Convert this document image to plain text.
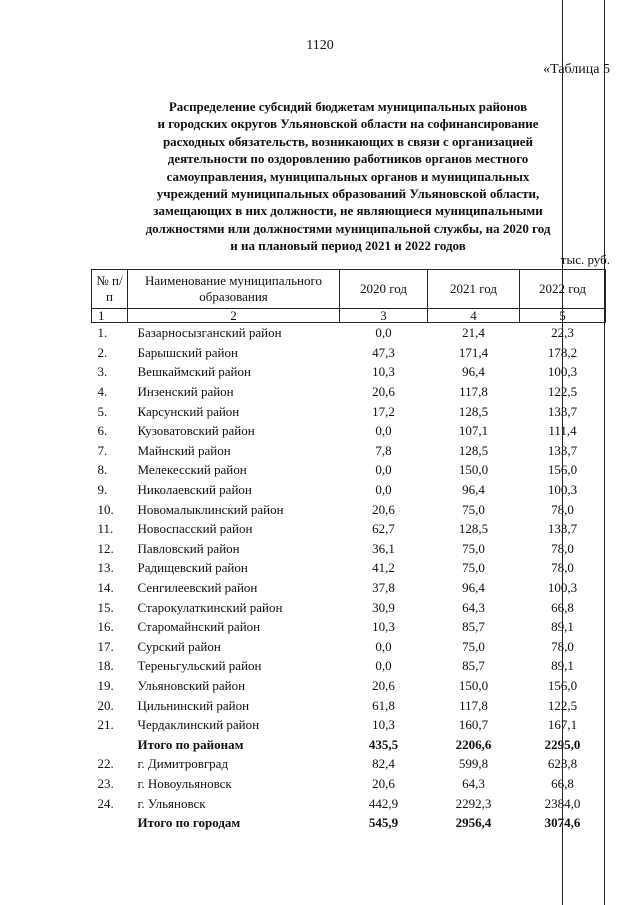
1120
«Таблица 5
Распределение субсидий бюджетам муниципальных районов
и городских округов Ульяновской области на софинансирование
расходных обязательств, возникающих в связи с организацией
деятельности по оздоровлению работников органов местного
самоуправления, муниципальных органов и муниципальных
учреждений муниципальных образований Ульяновской области,
замещающих в них должности, не являющиеся муниципальными
должностями или должностями муниципальной службы, на 2020 год
и на плановый период 2021 и 2022 годов
тыс. руб.
№ п/п	Наименование муниципального образования	2020 год	2021 год	2022 год
1	2	3	4	5
1.	Базарносызганский район	0,0	21,4	22,3
2.	Барышский район	47,3	171,4	178,2
3.	Вешкаймский район	10,3	96,4	100,3
4.	Инзенский район	20,6	117,8	122,5
5.	Карсунский район	17,2	128,5	133,7
6.	Кузоватовский район	0,0	107,1	111,4
7.	Майнский район	7,8	128,5	133,7
8.	Мелекесский район	0,0	150,0	156,0
9.	Николаевский район	0,0	96,4	100,3
10.	Новомалыклинский район	20,6	75,0	78,0
11.	Новоспасский район	62,7	128,5	133,7
12.	Павловский район	36,1	75,0	78,0
13.	Радищевский район	41,2	75,0	78,0
14.	Сенгилеевский район	37,8	96,4	100,3
15.	Старокулаткинский район	30,9	64,3	66,8
16.	Старомайнский район	10,3	85,7	89,1
17.	Сурский район	0,0	75,0	78,0
18.	Тереньгульский район	0,0	85,7	89,1
19.	Ульяновский район	20,6	150,0	156,0
20.	Цильнинский район	61,8	117,8	122,5
21.	Чердаклинский район	10,3	160,7	167,1
	Итого по районам	435,5	2206,6	2295,0
22.	г. Димитровград	82,4	599,8	623,8
23.	г. Новоульяновск	20,6	64,3	66,8
24.	г. Ульяновск	442,9	2292,3	2384,0
	Итого по городам	545,9	2956,4	3074,6
